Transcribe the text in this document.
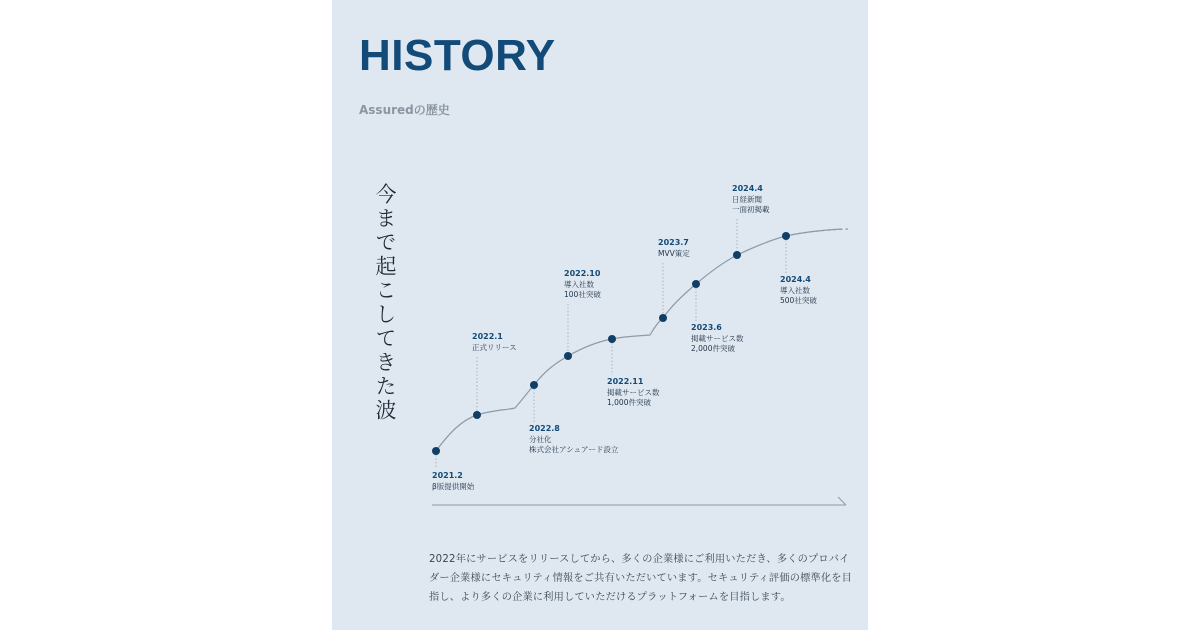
HISTORY
Assuredの歴史
今まで起こしてきた波
2021.2
β版提供開始
2022.1
正式リリース
2022.8
分社化
株式会社アシュアード設立
2022.10
導入社数
100社突破
2022.11
掲載サービス数
1,000件突破
2023.7
MVV策定
2023.6
掲載サービス数
2,000件突破
2024.4
日経新聞
一面初掲載
2024.4
導入社数
500社突破

2022年にサービスをリリースしてから、多くの企業様にご利用いただき、多くのプロバイダー企業様にセキュリティ情報をご共有いただいています。セキュリティ評価の標準化を目指し、より多くの企業に利用していただけるプラットフォームを目指します。
